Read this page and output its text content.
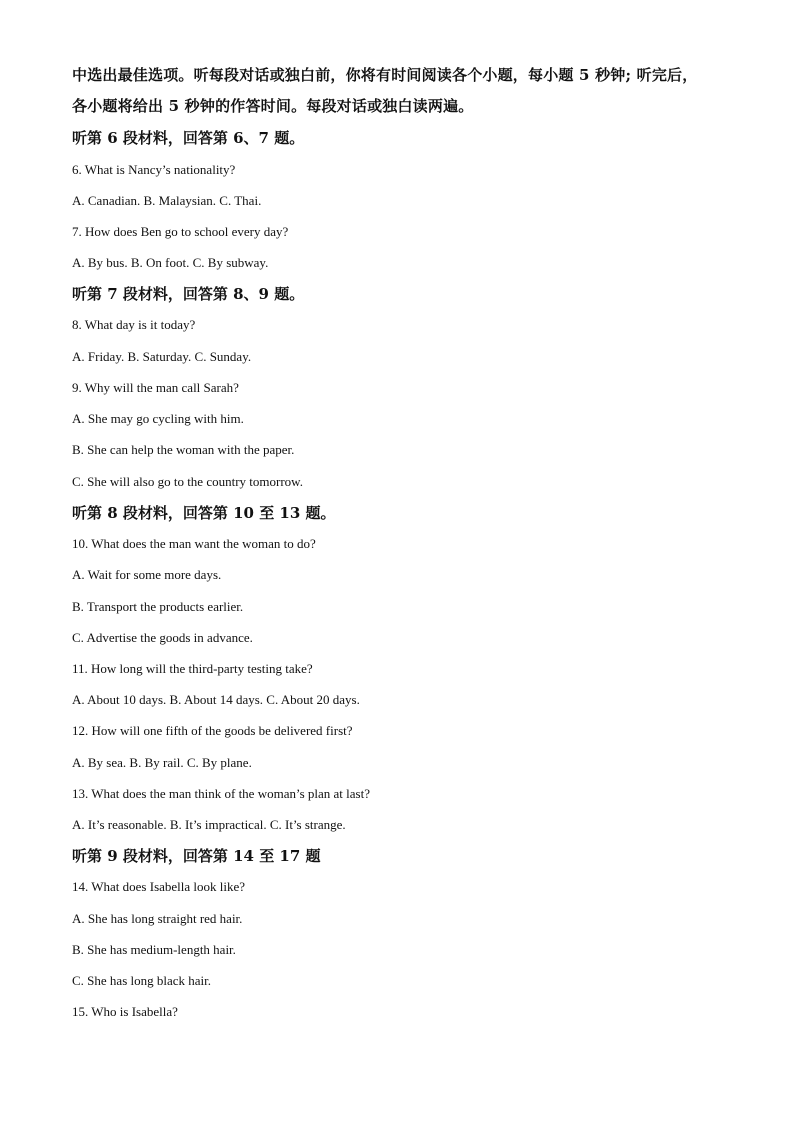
中选出最佳选项。听每段对话或独白前，你将有时间阅读各个小题，每小题 5 秒钟; 听完后，
各小题将给出 5 秒钟的作答时间。每段对话或独白读两遍。
听第 6 段材料，回答第 6、7 题。
6. What is Nancy’s nationality?
A. Canadian. B. Malaysian. C. Thai.
7. How does Ben go to school every day?
A. By bus. B. On foot. C. By subway.
听第 7 段材料，回答第 8、9 题。
8. What day is it today?
A. Friday. B. Saturday. C. Sunday.
9. Why will the man call Sarah?
A. She may go cycling with him.
B. She can help the woman with the paper.
C. She will also go to the country tomorrow.
听第 8 段材料，回答第 10 至 13 题。
10. What does the man want the woman to do?
A. Wait for some more days.
B. Transport the products earlier.
C. Advertise the goods in advance.
11. How long will the third-party testing take?
A. About 10 days. B. About 14 days. C. About 20 days.
12. How will one fifth of the goods be delivered first?
A. By sea. B. By rail. C. By plane.
13. What does the man think of the woman’s plan at last?
A. It’s reasonable. B. It’s impractical. C. It’s strange.
听第 9 段材料，回答第 14 至 17 题
14. What does Isabella look like?
A. She has long straight red hair.
B. She has medium-length hair.
C. She has long black hair.
15. Who is Isabella?
